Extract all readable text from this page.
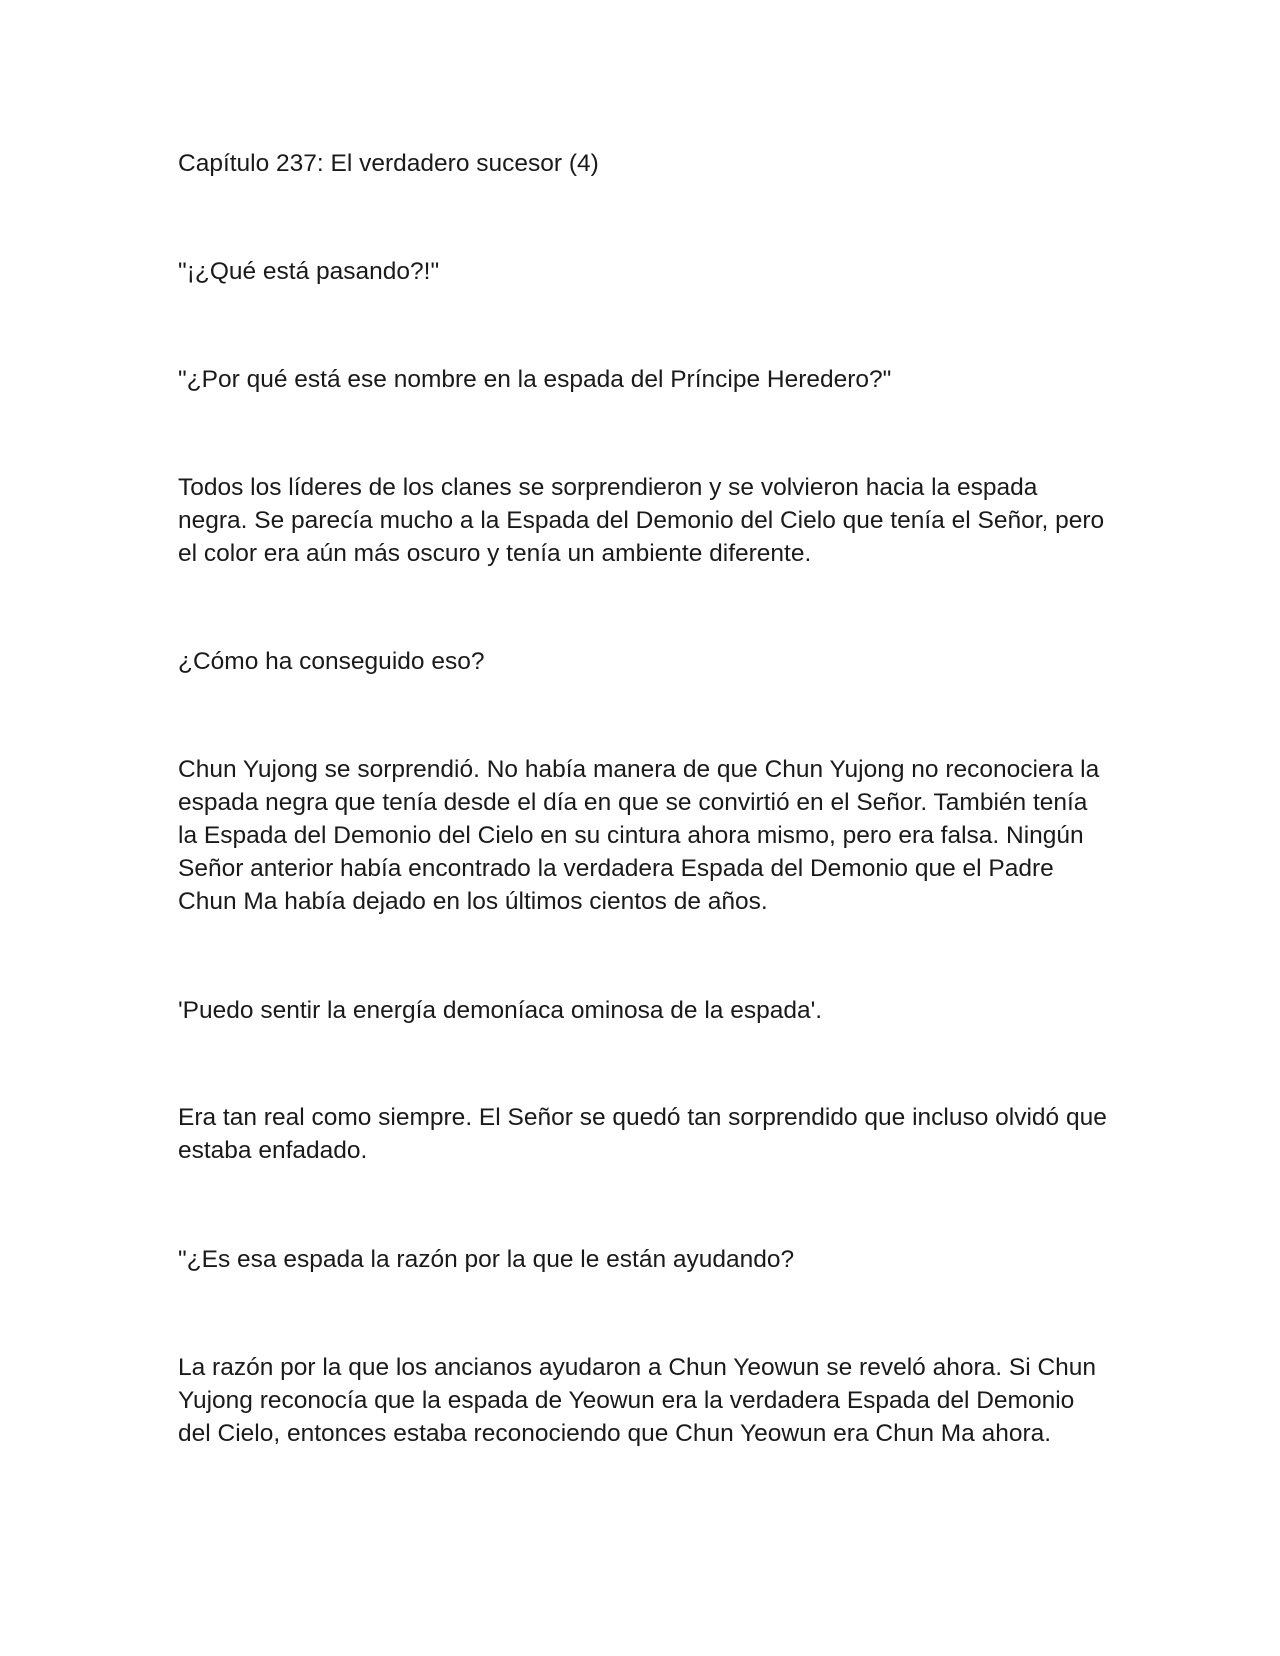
Capítulo 237: El verdadero sucesor (4)

"¡¿Qué está pasando?!"

"¿Por qué está ese nombre en la espada del Príncipe Heredero?"

Todos los líderes de los clanes se sorprendieron y se volvieron hacia la espada negra. Se parecía mucho a la Espada del Demonio del Cielo que tenía el Señor, pero el color era aún más oscuro y tenía un ambiente diferente.

¿Cómo ha conseguido eso?

Chun Yujong se sorprendió. No había manera de que Chun Yujong no reconociera la espada negra que tenía desde el día en que se convirtió en el Señor. También tenía la Espada del Demonio del Cielo en su cintura ahora mismo, pero era falsa. Ningún Señor anterior había encontrado la verdadera Espada del Demonio que el Padre Chun Ma había dejado en los últimos cientos de años.

'Puedo sentir la energía demoníaca ominosa de la espada'.

Era tan real como siempre. El Señor se quedó tan sorprendido que incluso olvidó que estaba enfadado.

"¿Es esa espada la razón por la que le están ayudando?

La razón por la que los ancianos ayudaron a Chun Yeowun se reveló ahora. Si Chun Yujong reconocía que la espada de Yeowun era la verdadera Espada del Demonio del Cielo, entonces estaba reconociendo que Chun Yeowun era Chun Ma ahora.
